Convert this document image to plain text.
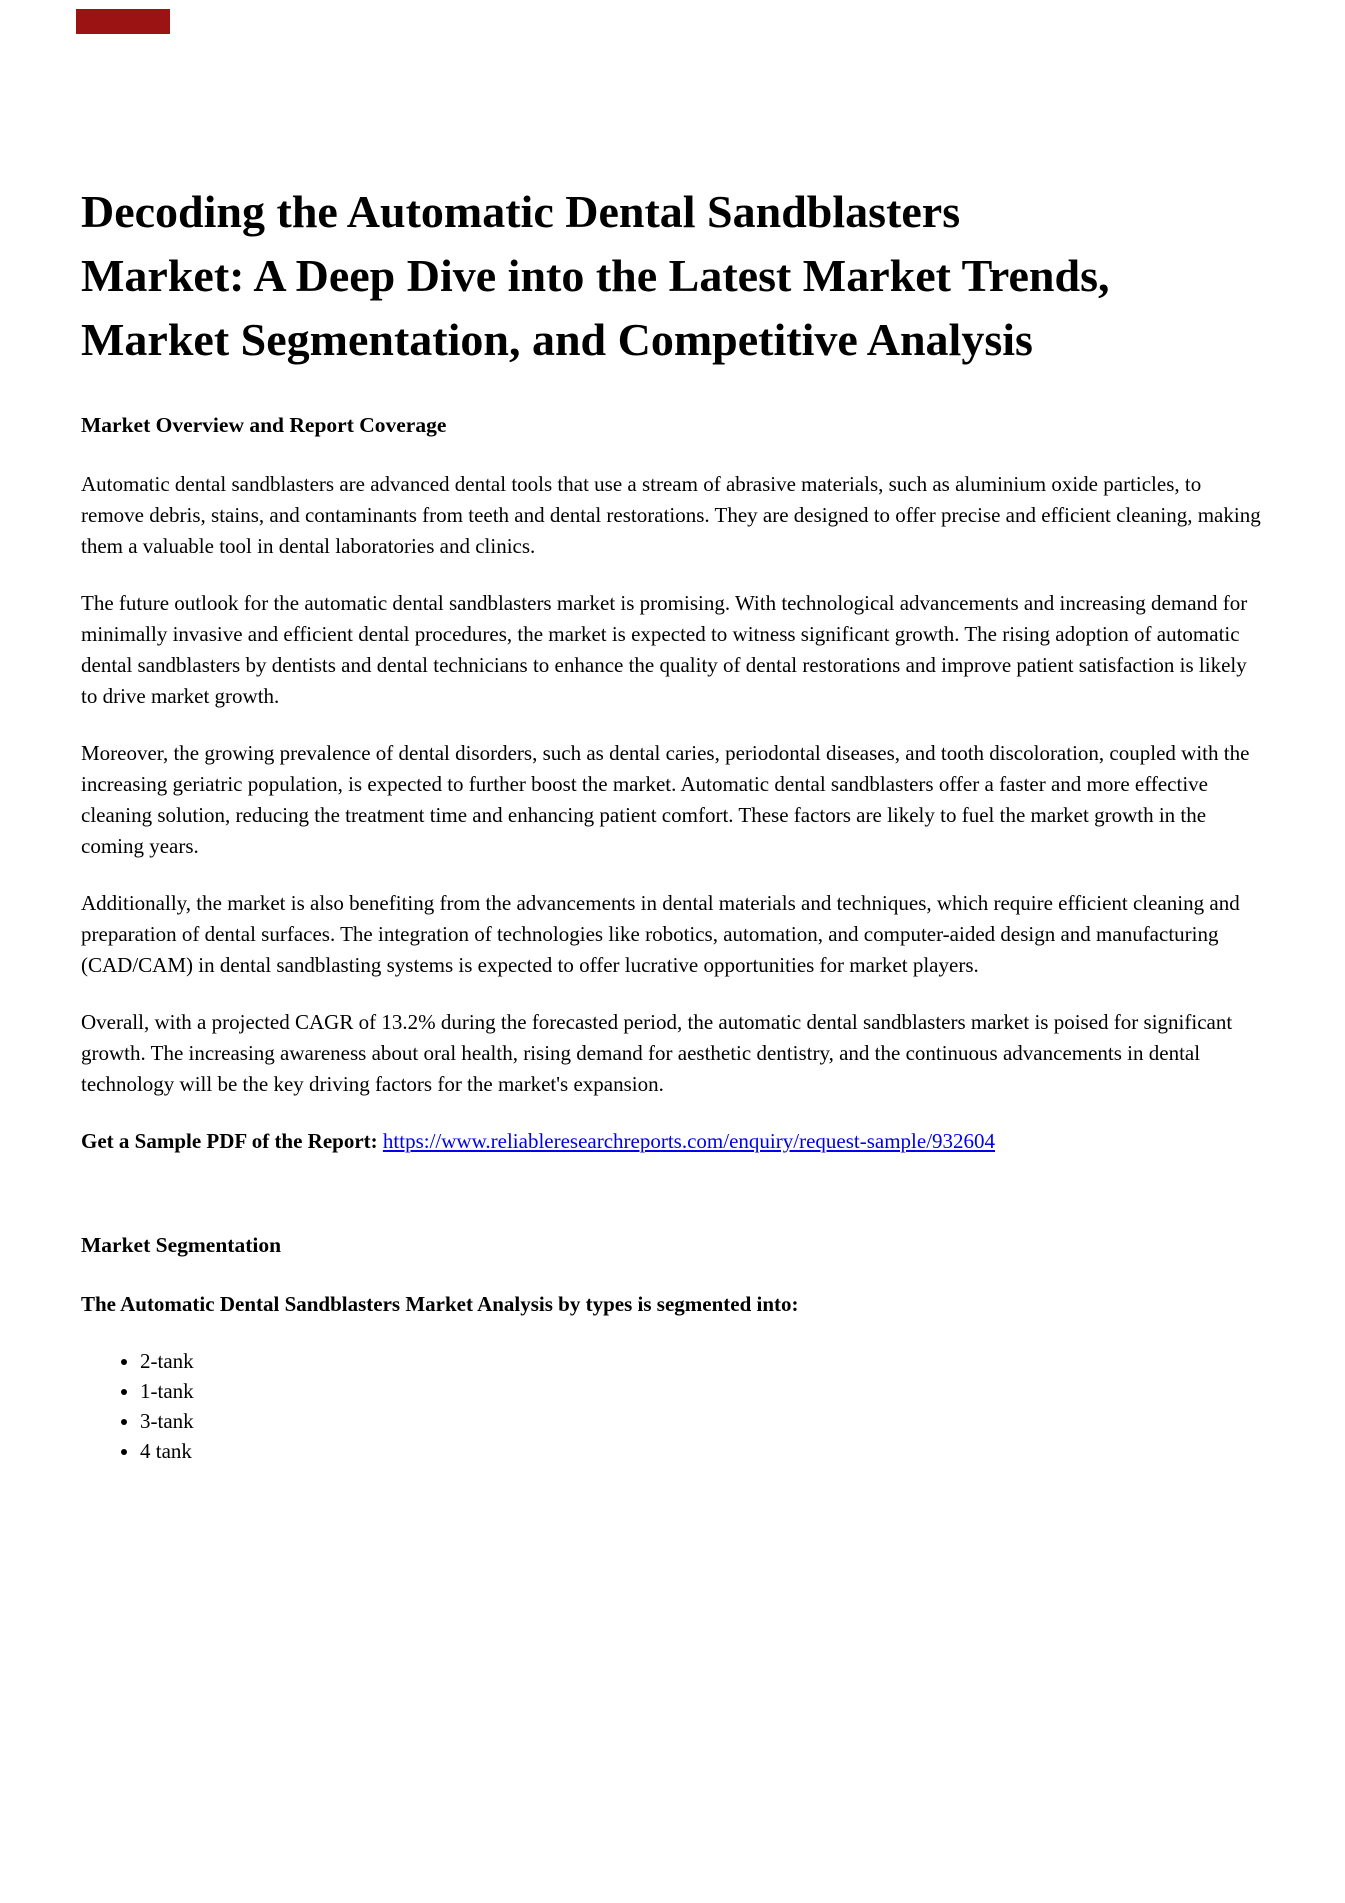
Decoding the Automatic Dental Sandblasters Market: A Deep Dive into the Latest Market Trends, Market Segmentation, and Competitive Analysis
Market Overview and Report Coverage

Automatic dental sandblasters are advanced dental tools that use a stream of abrasive materials, such as aluminium oxide particles, to remove debris, stains, and contaminants from teeth and dental restorations. They are designed to offer precise and efficient cleaning, making them a valuable tool in dental laboratories and clinics.

The future outlook for the automatic dental sandblasters market is promising. With technological advancements and increasing demand for minimally invasive and efficient dental procedures, the market is expected to witness significant growth. The rising adoption of automatic dental sandblasters by dentists and dental technicians to enhance the quality of dental restorations and improve patient satisfaction is likely to drive market growth.

Moreover, the growing prevalence of dental disorders, such as dental caries, periodontal diseases, and tooth discoloration, coupled with the increasing geriatric population, is expected to further boost the market. Automatic dental sandblasters offer a faster and more effective cleaning solution, reducing the treatment time and enhancing patient comfort. These factors are likely to fuel the market growth in the coming years.

Additionally, the market is also benefiting from the advancements in dental materials and techniques, which require efficient cleaning and preparation of dental surfaces. The integration of technologies like robotics, automation, and computer-aided design and manufacturing (CAD/CAM) in dental sandblasting systems is expected to offer lucrative opportunities for market players.

Overall, with a projected CAGR of 13.2% during the forecasted period, the automatic dental sandblasters market is poised for significant growth. The increasing awareness about oral health, rising demand for aesthetic dentistry, and the continuous advancements in dental technology will be the key driving factors for the market's expansion.

Get a Sample PDF of the Report: https://www.reliableresearchreports.com/enquiry/request-sample/932604

Market Segmentation

The Automatic Dental Sandblasters Market Analysis by types is segmented into:

• 2-tank
• 1-tank
• 3-tank
• 4 tank
